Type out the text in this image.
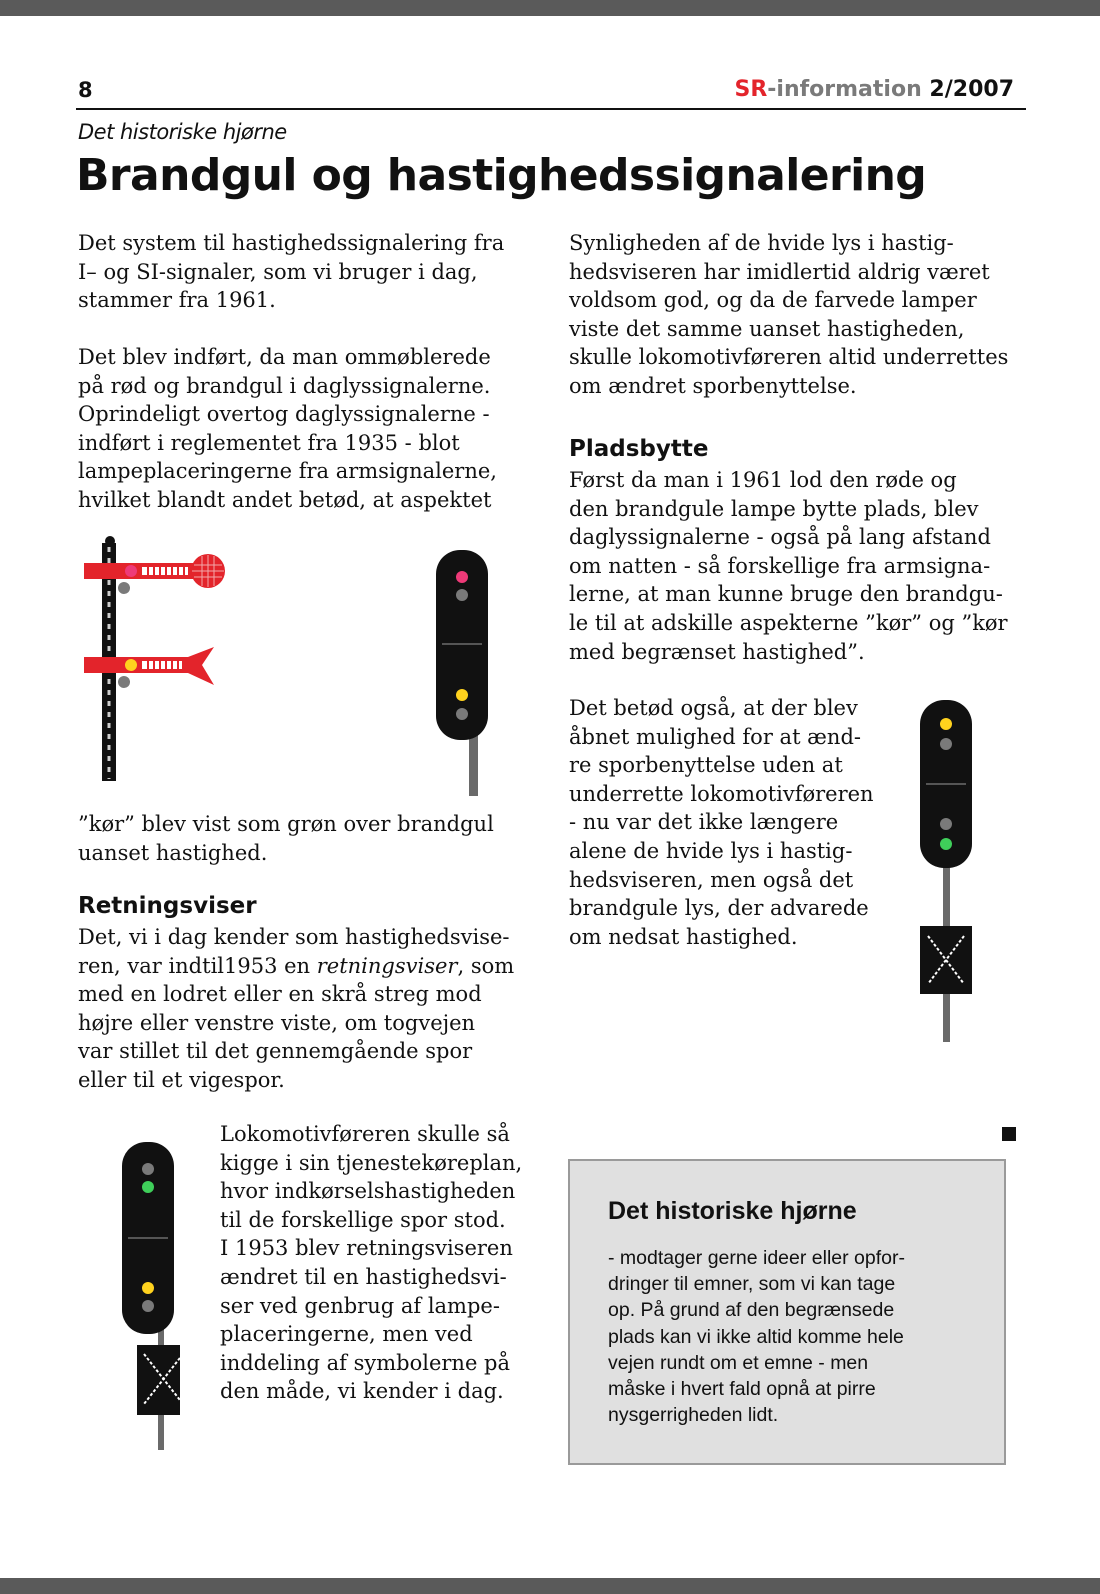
8	SR-information 2/2007
Det historiske hjørne
Brandgul og hastighedssignalering

Det system til hastighedssignalering fra
I– og SI-signaler, som vi bruger i dag,
stammer fra 1961.

Det blev indført, da man ommøblerede
på rød og brandgul i daglyssignalerne.
Oprindeligt overtog daglyssignalerne -
indført i reglementet fra 1935 - blot
lampeplaceringerne fra armsignalerne,
hvilket blandt andet betød, at aspektet

”kør” blev vist som grøn over brandgul
uanset hastighed.

Retningsviser

Det, vi i dag kender som hastighedsvise-
ren, var indtil1953 en retningsviser, som
med en lodret eller en skrå streg mod
højre eller venstre viste, om togvejen
var stillet til det gennemgående spor
eller til et vigespor.

Lokomotivføreren skulle så
kigge i sin tjenestekøreplan,
hvor indkørselshastigheden
til de forskellige spor stod.
I 1953 blev retningsviseren
ændret til en hastighedsvi-
ser ved genbrug af lampe-
placeringerne, men ved
inddeling af symbolerne på
den måde, vi kender i dag.

Synligheden af de hvide lys i hastig-
hedsviseren har imidlertid aldrig været
voldsom god, og da de farvede lamper
viste det samme uanset hastigheden,
skulle lokomotivføreren altid underrettes
om ændret sporbenyttelse.

Pladsbytte

Først da man i 1961 lod den røde og
den brandgule lampe bytte plads, blev
daglyssignalerne - også på lang afstand
om natten - så forskellige fra armsigna-
lerne, at man kunne bruge den brandgu-
le til at adskille aspekterne ”kør” og ”kør
med begrænset hastighed”.

Det betød også, at der blev
åbnet mulighed for at ænd-
re sporbenyttelse uden at
underrette lokomotivføreren
- nu var det ikke længere
alene de hvide lys i hastig-
hedsviseren, men også det
brandgule lys, der advarede
om nedsat hastighed.

Det historiske hjørne
- modtager gerne ideer eller opfor-
dringer til emner, som vi kan tage
op. På grund af den begrænsede
plads kan vi ikke altid komme hele
vejen rundt om et emne - men
måske i hvert fald opnå at pirre
nysgerrigheden lidt.
